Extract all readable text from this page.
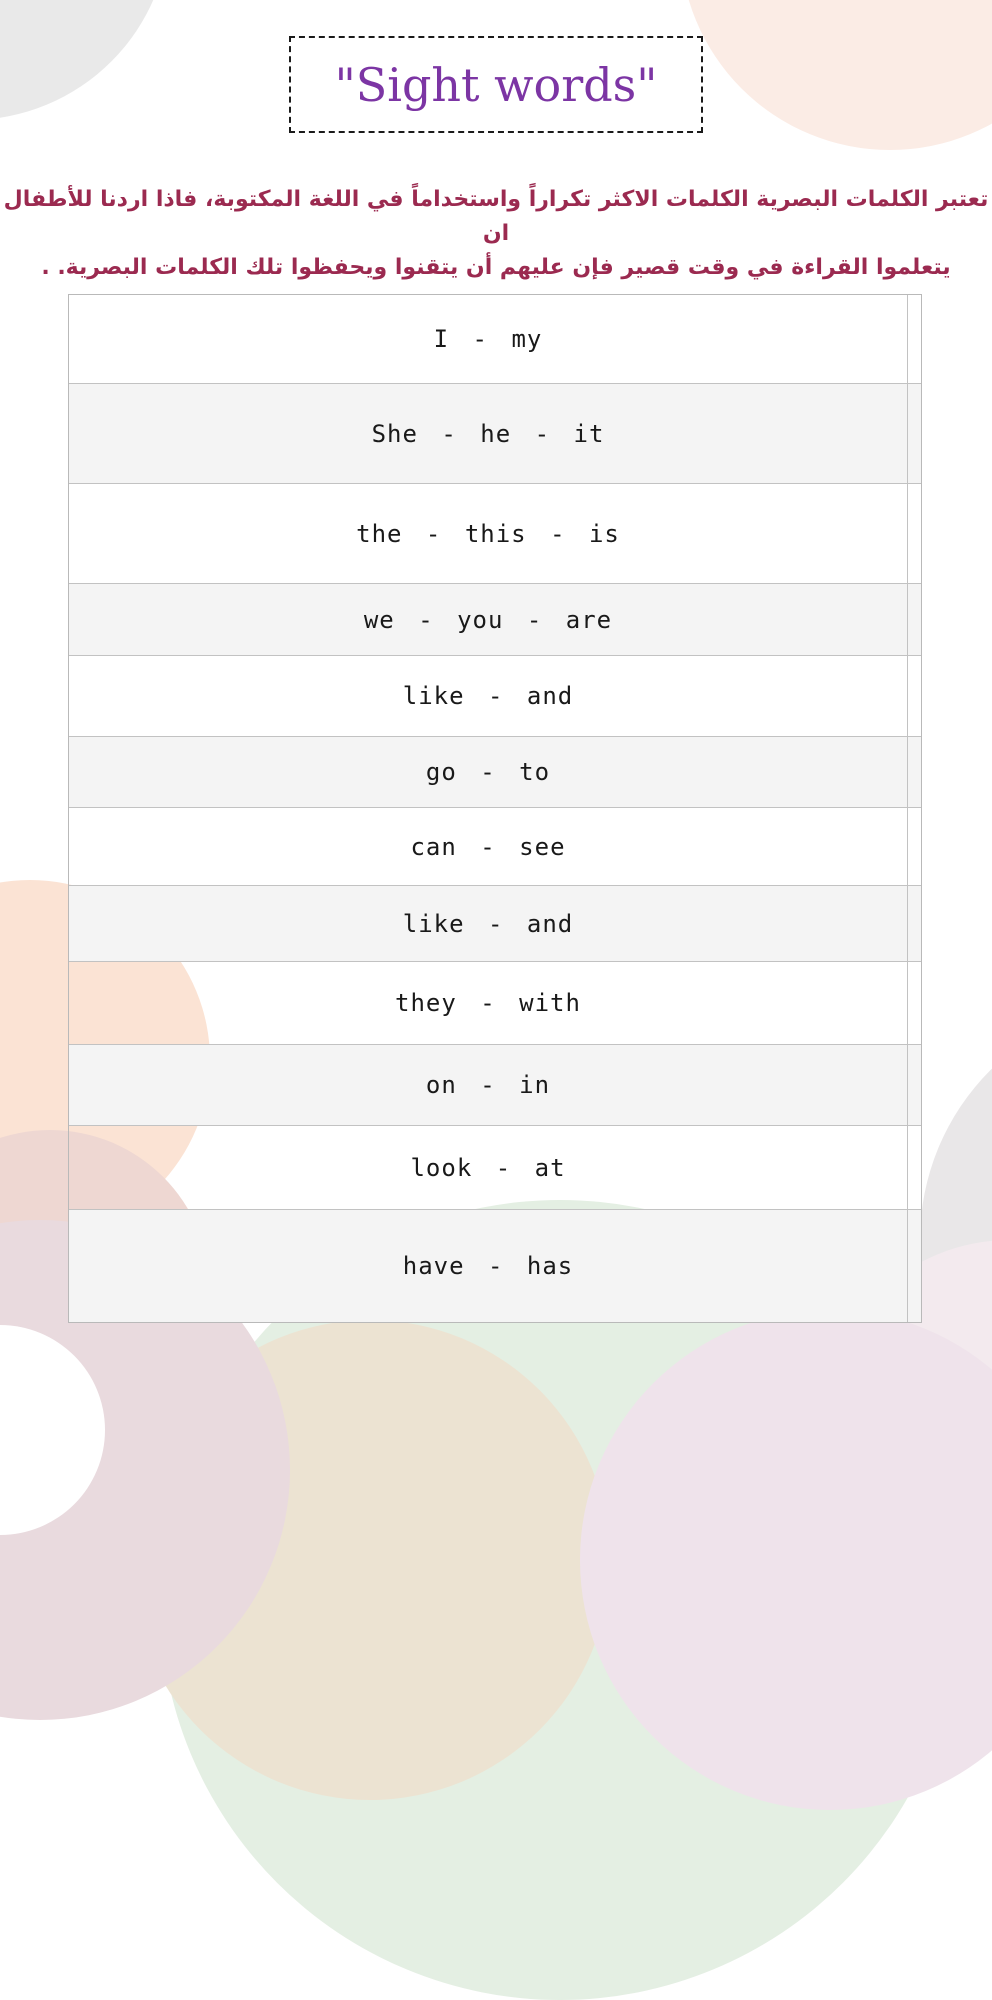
"Sight words"
تعتبر الكلمات البصرية الكلمات الاكثر تكراراً واستخداماً في اللغة المكتوبة، فاذا اردنا للأطفال ان
يتعلموا القراءة في وقت قصير فإن عليهم أن يتقنوا ويحفظوا تلك الكلمات البصرية. .
I - my
She - he - it
the - this - is
we - you - are
like - and
go - to
can - see
like - and
they - with
on - in
look - at
have - has
